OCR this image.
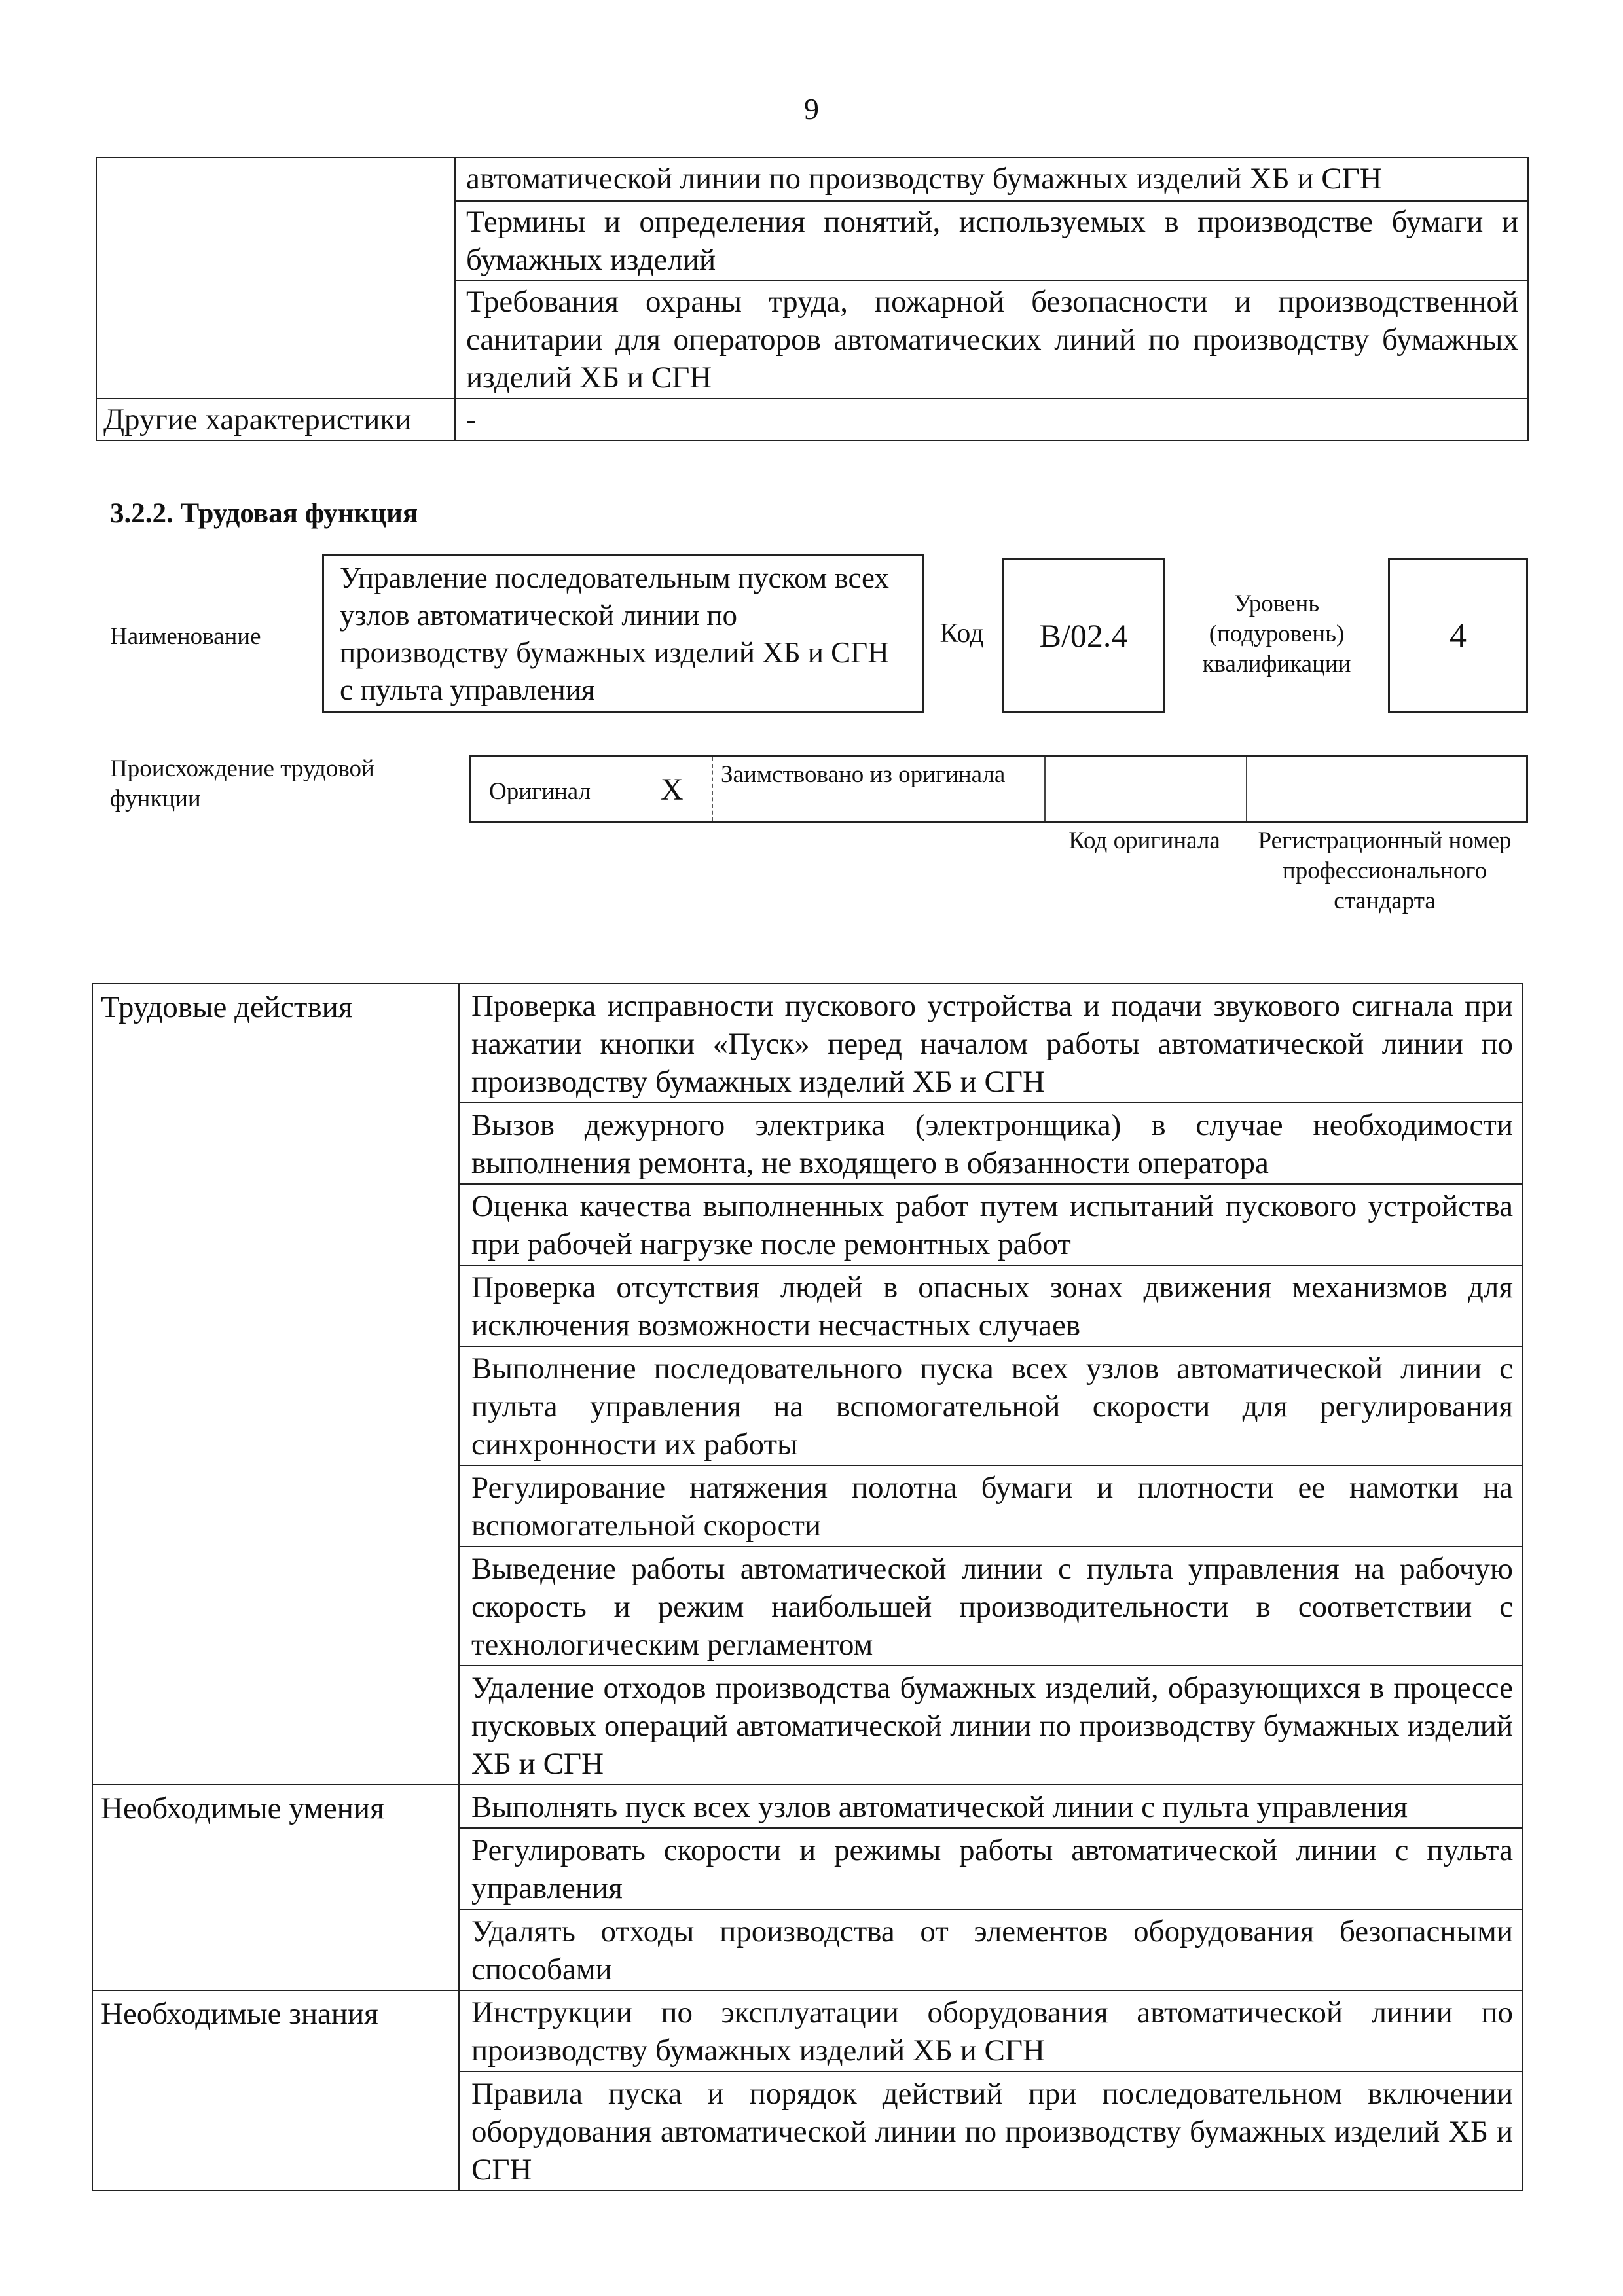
9
	автоматической линии по производству бумажных изделий ХБ и СГН
	Термины и определения понятий, используемых в производстве бумаги и бумажных изделий
	Требования охраны труда, пожарной безопасности и производственной санитарии для операторов автоматических линий по производству бумажных изделий ХБ и СГН
Другие характеристики	-
3.2.2. Трудовая функция
Наименование
Управление последовательным пуском всех узлов автоматической линии по производству бумажных изделий ХБ и СГН с пульта управления
Код	B/02.4
Уровень (подуровень) квалификации
4
Происхождение трудовой функции	Оригинал X Заимствовано из оригинала
Код оригинала	Регистрационный номер профессионального стандарта
Трудовые действия	Проверка исправности пускового устройства и подачи звукового сигнала при нажатии кнопки «Пуск» перед началом работы автоматической линии по производству бумажных изделий ХБ и СГН
	Вызов дежурного электрика (электронщика) в случае необходимости выполнения ремонта, не входящего в обязанности оператора
	Оценка качества выполненных работ путем испытаний пускового устройства при рабочей нагрузке после ремонтных работ
	Проверка отсутствия людей в опасных зонах движения механизмов для исключения возможности несчастных случаев
	Выполнение последовательного пуска всех узлов автоматической линии с пульта управления на вспомогательной скорости для регулирования синхронности их работы
	Регулирование натяжения полотна бумаги и плотности ее намотки на вспомогательной скорости
	Выведение работы автоматической линии с пульта управления на рабочую скорость и режим наибольшей производительности в соответствии с технологическим регламентом
	Удаление отходов производства бумажных изделий, образующихся в процессе пусковых операций автоматической линии по производству бумажных изделий ХБ и СГН
Необходимые умения	Выполнять пуск всех узлов автоматической линии с пульта управления
	Регулировать скорости и режимы работы автоматической линии с пульта управления
	Удалять отходы производства от элементов оборудования безопасными способами
Необходимые знания	Инструкции по эксплуатации оборудования автоматической линии по производству бумажных изделий ХБ и СГН
	Правила пуска и порядок действий при последовательном включении оборудования автоматической линии по производству бумажных изделий ХБ и СГН
